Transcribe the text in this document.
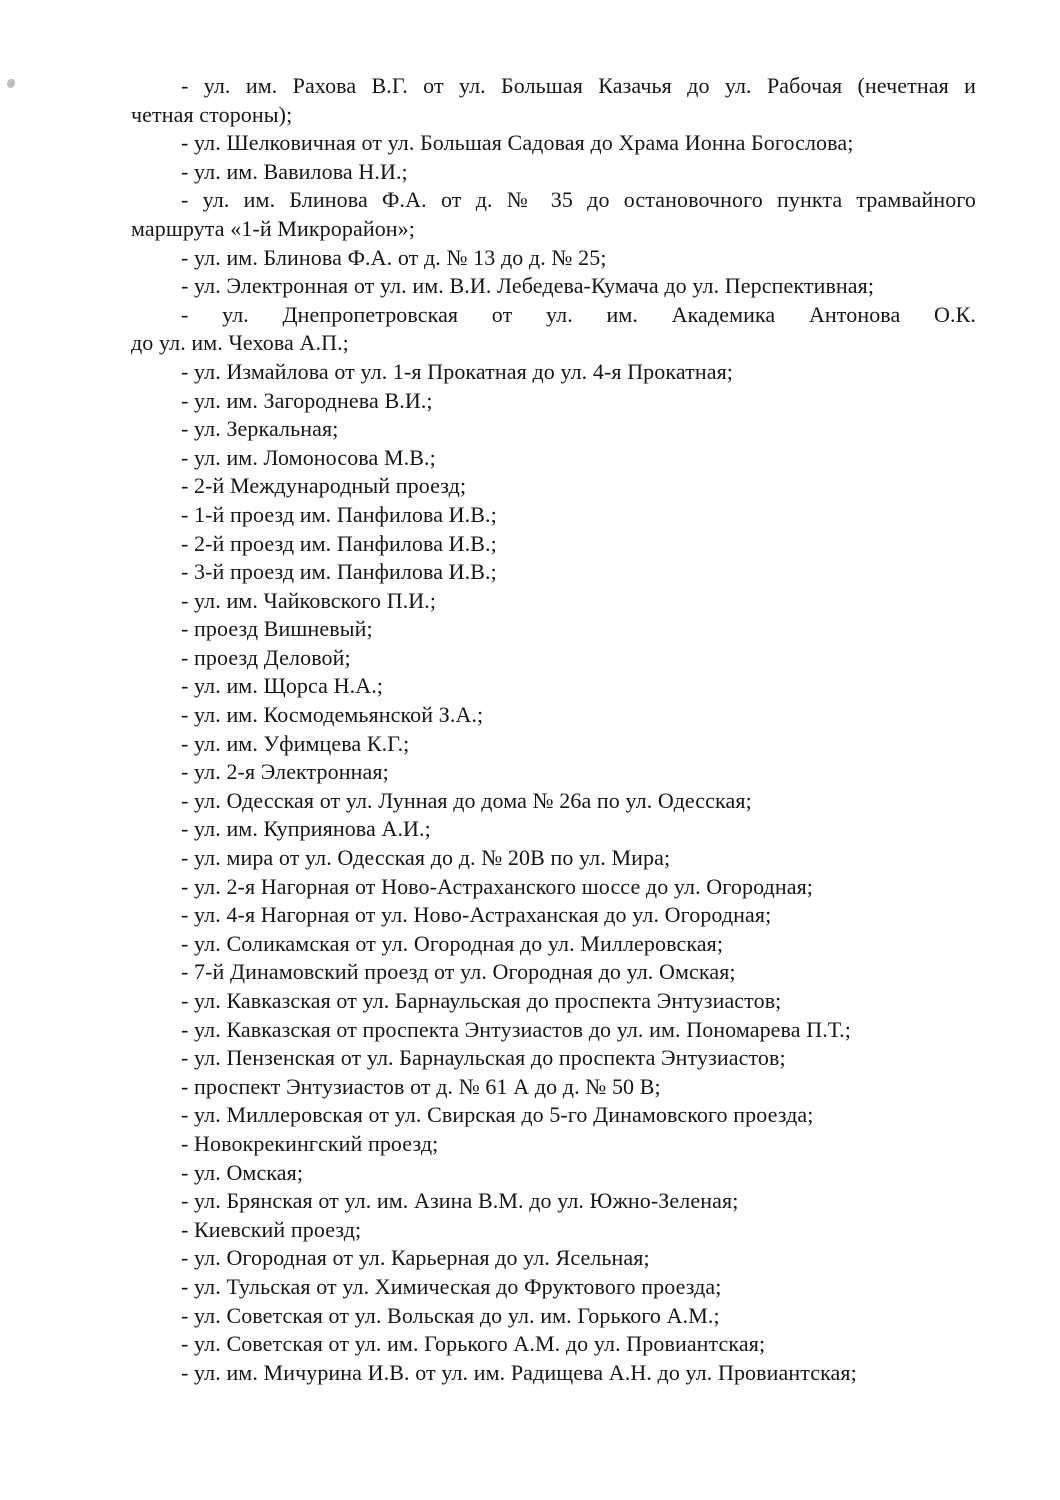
- ул. им. Рахова В.Г. от ул. Большая Казачья до ул. Рабочая (нечетная и
четная стороны);

- ул. Шелковичная от ул. Большая Садовая до Храма Ионна Богослова;

- ул. им. Вавилова Н.И.;

- ул. им. Блинова Ф.А. от д. № 35 до остановочного пункта трамвайного
маршрута «1-й Микрорайон»;

- ул. им. Блинова Ф.А. от д. № 13 до д. № 25;

- ул. Электронная от ул. им. В.И. Лебедева-Кумача до ул. Перспективная;

- ул. Днепропетровская от ул. им. Академика Антонова О.К.
до ул. им. Чехова А.П.;

- ул. Измайлова от ул. 1-я Прокатная до ул. 4-я Прокатная;

- ул. им. Загороднева В.И.;

- ул. Зеркальная;

- ул. им. Ломоносова М.В.;

- 2-й Международный проезд;

- 1-й проезд им. Панфилова И.В.;

- 2-й проезд им. Панфилова И.В.;

- 3-й проезд им. Панфилова И.В.;

- ул. им. Чайковского П.И.;

- проезд Вишневый;

- проезд Деловой;

- ул. им. Щорса Н.А.;

- ул. им. Космодемьянской З.А.;

- ул. им. Уфимцева К.Г.;

- ул. 2-я Электронная;

- ул. Одесская от ул. Лунная до дома № 26а по ул. Одесская;

- ул. им. Куприянова А.И.;

- ул. мира от ул. Одесская до д. № 20В по ул. Мира;

- ул. 2-я Нагорная от Ново-Астраханского шоссе до ул. Огородная;

- ул. 4-я Нагорная от ул. Ново-Астраханская до ул. Огородная;

- ул. Соликамская от ул. Огородная до ул. Миллеровская;

- 7-й Динамовский проезд от ул. Огородная до ул. Омская;

- ул. Кавказская от ул. Барнаульская до проспекта Энтузиастов;

- ул. Кавказская от проспекта Энтузиастов до ул. им. Пономарева П.Т.;

- ул. Пензенская от ул. Барнаульская до проспекта Энтузиастов;

- проспект Энтузиастов от д. № 61 А до д. № 50 В;

- ул. Миллеровская от ул. Свирская до 5-го Динамовского проезда;

- Новокрекингский проезд;

- ул. Омская;

- ул. Брянская от ул. им. Азина В.М. до ул. Южно-Зеленая;

- Киевский проезд;

- ул. Огородная от ул. Карьерная до ул. Ясельная;

- ул. Тульская от ул. Химическая до Фруктового проезда;

- ул. Советская от ул. Вольская до ул. им. Горького А.М.;

- ул. Советская от ул. им. Горького А.М. до ул. Провиантская;

- ул. им. Мичурина И.В. от ул. им. Радищева А.Н. до ул. Провиантская;
